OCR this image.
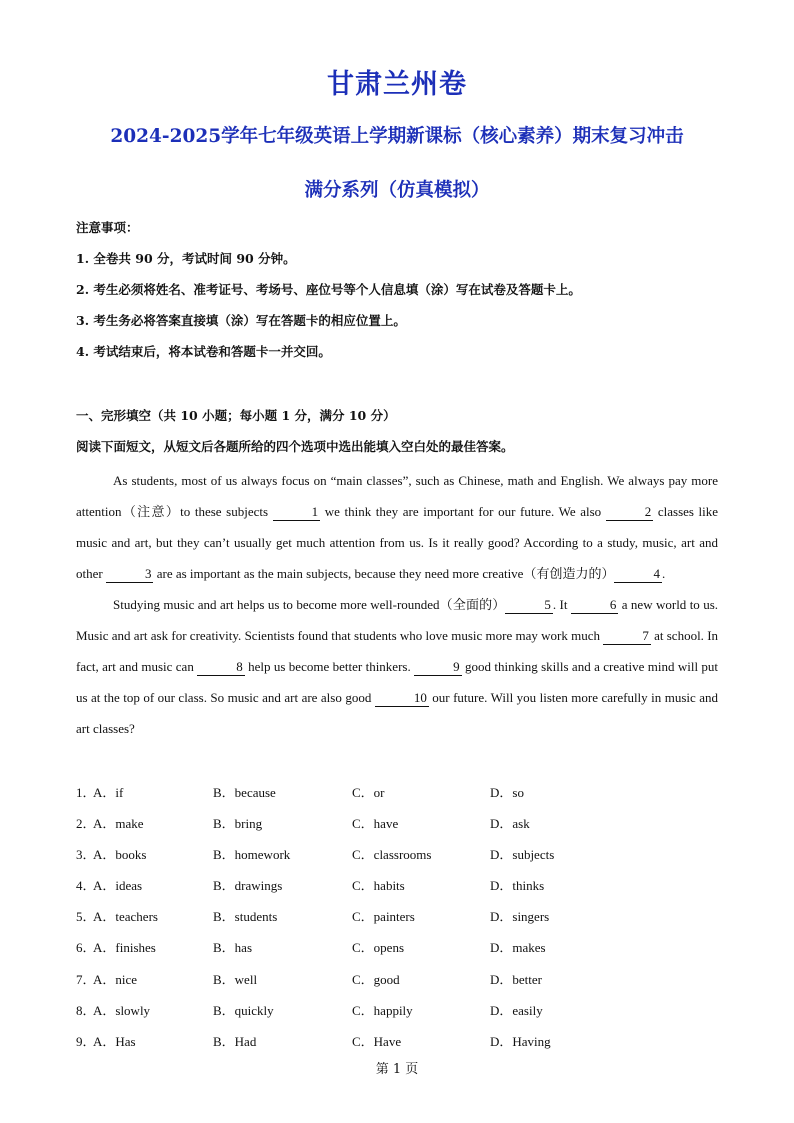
甘肃兰州卷
2024-2025学年七年级英语上学期新课标（核心素养）期末复习冲击
满分系列（仿真模拟）
注意事项：
1. 全卷共 90 分，考试时间 90 分钟。
2. 考生必须将姓名、准考证号、考场号、座位号等个人信息填（涂）写在试卷及答题卡上。
3. 考生务必将答案直接填（涂）写在答题卡的相应位置上。
4. 考试结束后，将本试卷和答题卡一并交回。
一、完形填空（共 10 小题；每小题 1 分，满分 10 分）
阅读下面短文，从短文后各题所给的四个选项中选出能填入空白处的最佳答案。

As students, most of us always focus on “main classes”, such as Chinese, math and English. We always pay more attention（注意）to these subjects	1 we think they are important for our future. We also	2 classes like music and art, but they can’t usually get much attention from us. Is it really good? According to a study, music, art and other	3 are as important as the main subjects, because they need more creative（有创造力的）	4 .

Studying music and art helps us to become more well-rounded（全面的）	5 . It	6 a new world to us. Music and art ask for creativity. Scientists found that students who love music more may work much	7 at school. In fact, art and music can	8 help us become better thinkers.	9 good thinking skills and a creative mind will put us at the top of our class. So music and art are also good	10 our future. Will you listen more carefully in music and art classes?

1．
A．if	B．because	C．or	D．so
2．
A．make	B．bring	C．have	D．ask
3．
A．books	B．homework	C．classrooms	D．subjects
4．
A．ideas	B．drawings	C．habits	D．thinks
5．
A．teachers	B．students	C．painters	D．singers
6．
A．finishes	B．has	C．opens	D．makes
7．
A．nice	B．well	C．good	D．better
8．
A．slowly	B．quickly	C．happily	D．easily
9．
A．Has	B．Had	C．Have	D．Having
第 1 页
